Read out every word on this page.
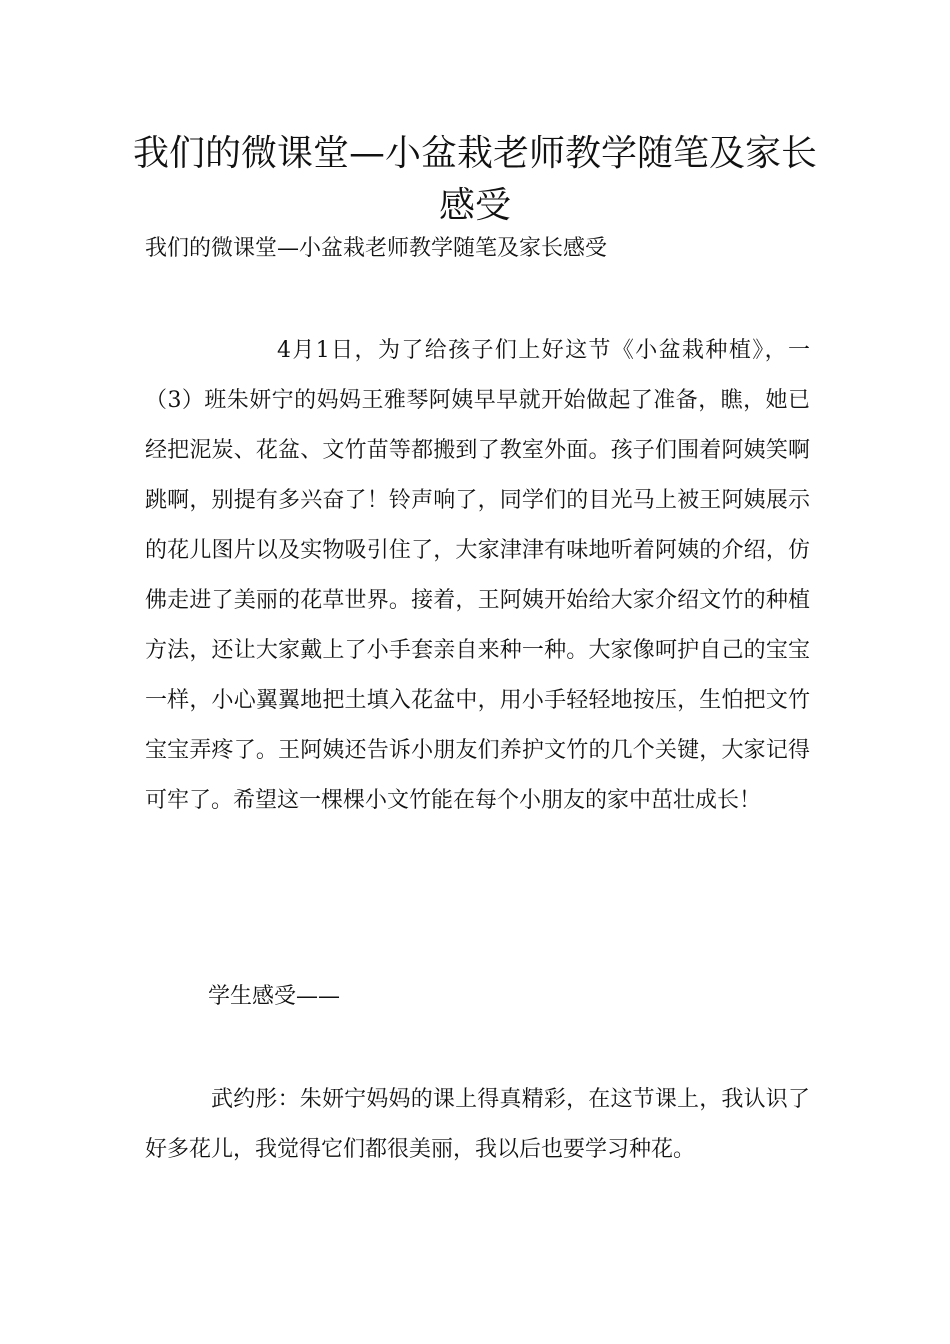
我们的微课堂—小盆栽老师教学随笔及家长感受

我们的微课堂—小盆栽老师教学随笔及家长感受

4月1日，为了给孩子们上好这节《小盆栽种植》，一（3）班朱妍宁的妈妈王雅琴阿姨早早就开始做起了准备，瞧，她已经把泥炭、花盆、文竹苗等都搬到了教室外面。孩子们围着阿姨笑啊跳啊，别提有多兴奋了！铃声响了，同学们的目光马上被王阿姨展示的花儿图片以及实物吸引住了，大家津津有味地听着阿姨的介绍，仿佛走进了美丽的花草世界。接着，王阿姨开始给大家介绍文竹的种植方法，还让大家戴上了小手套亲自来种一种。大家像呵护自己的宝宝一样，小心翼翼地把土填入花盆中，用小手轻轻地按压，生怕把文竹宝宝弄疼了。王阿姨还告诉小朋友们养护文竹的几个关键，大家记得可牢了。希望这一棵棵小文竹能在每个小朋友的家中茁壮成长！

学生感受——

武约彤：朱妍宁妈妈的课上得真精彩，在这节课上，我认识了好多花儿，我觉得它们都很美丽，我以后也要学习种花。
